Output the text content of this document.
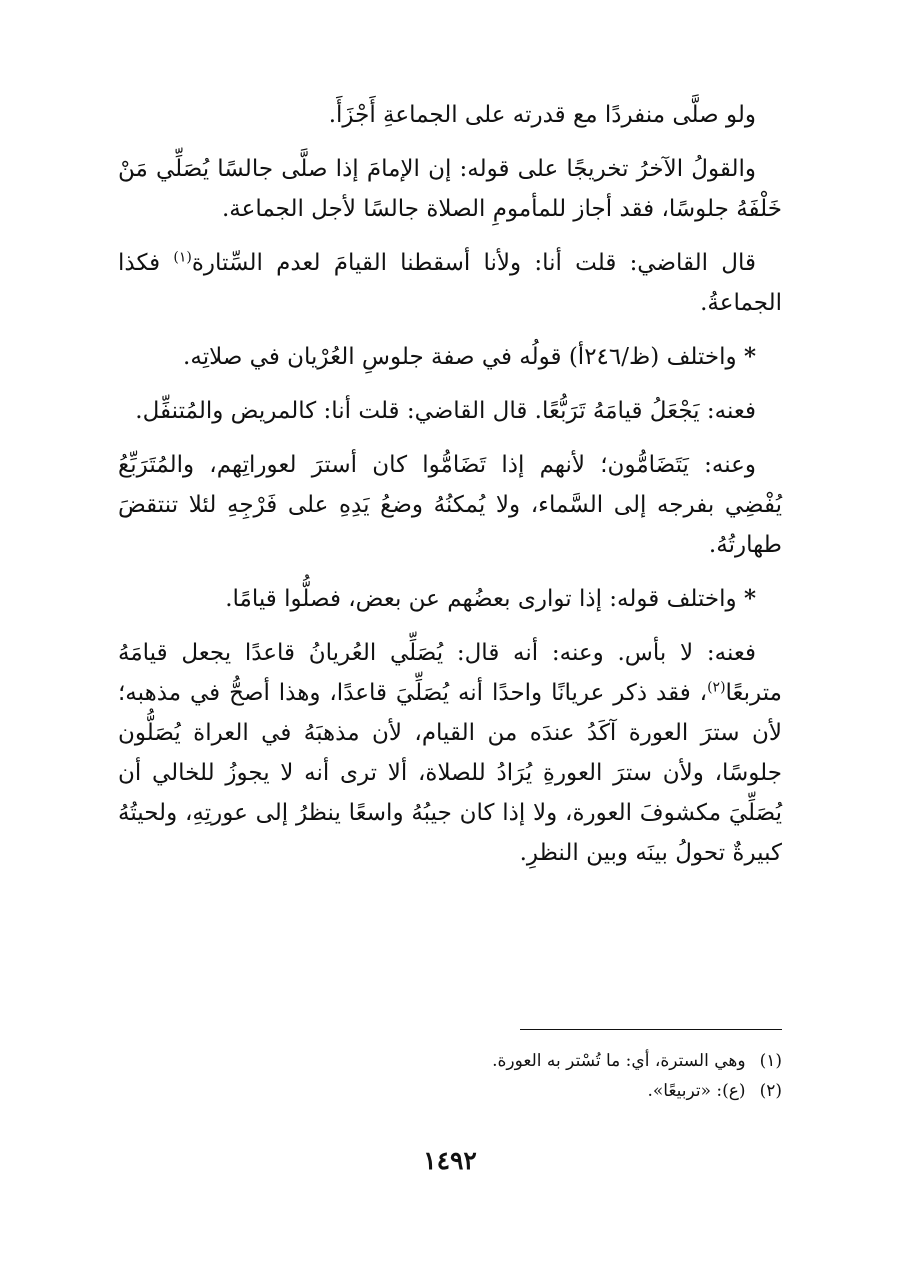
ولو صلَّى منفردًا مع قدرته على الجماعةِ أَجْزَأَ.

والقولُ الآخرُ تخريجًا على قوله: إن الإمامَ إذا صلَّى جالسًا يُصَلِّي مَنْ خَلْفَهُ جلوسًا، فقد أجاز للمأمومِ الصلاة جالسًا لأجل الجماعة.

قال القاضي: قلت أنا: ولأنا أسقطنا القيامَ لعدم السِّتارة$^{(١)}$ فكذا الجماعةُ.

* واختلف (ظ/٢٤٦أ) قولُه في صفة جلوسِ العُرْيان في صلاتِه.

فعنه: يَجْعَلُ قيامَهُ تَرَبُّعًا. قال القاضي: قلت أنا: كالمريض والمُتنفِّل.

وعنه: يَتَضَامُّون؛ لأنهم إذا تَضَامُّوا كان أسترَ لعوراتِهم، والمُتَرَبِّعُ يُفْضِي بفرجه إلى السَّماء، ولا يُمكنُهُ وضعُ يَدِهِ على فَرْجِهِ لئلا تنتقضَ طهارتُهُ.

* واختلف قوله: إذا توارى بعضُهم عن بعض، فصلُّوا قيامًا.

فعنه: لا بأس. وعنه: أنه قال: يُصَلِّي العُريانُ قاعدًا يجعل قيامَهُ متربعًا$^{(٢)}$، فقد ذكر عريانًا واحدًا أنه يُصَلِّيَ قاعدًا، وهذا أصحُّ في مذهبه؛ لأن سترَ العورة آكَدُ عندَه من القيام، لأن مذهبَهُ في العراة يُصَلُّون جلوسًا، ولأن سترَ العورةِ يُرَادُ للصلاة، ألا ترى أنه لا يجوزُ للخالي أن يُصَلِّيَ مكشوفَ العورة، ولا إذا كان جيبُهُ واسعًا ينظرُ إلى عورتِهِ، ولحيتُهُ كبيرةٌ تحولُ بينَه وبين النظرِ.

(١)وهي السترة، أي: ما تُسْتر به العورة.

(٢)(ع): «تربيعًا».

١٤٩٢
